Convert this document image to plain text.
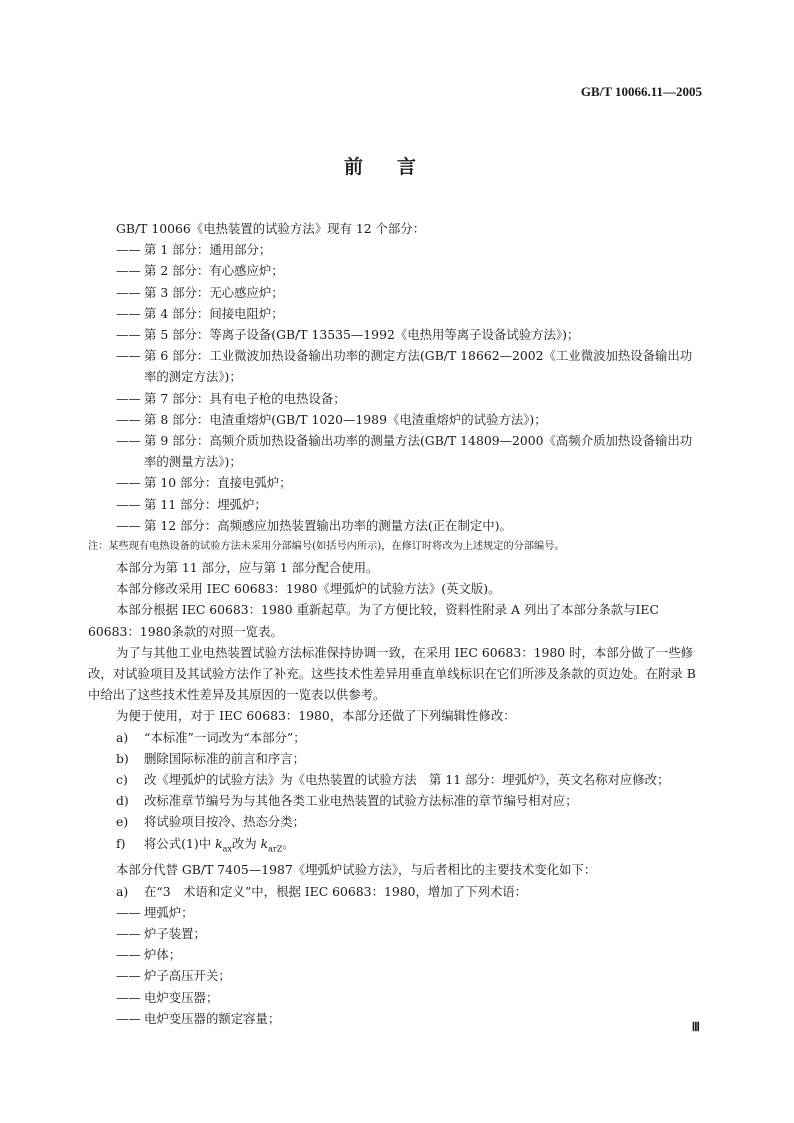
GB/T 10066.11—2005
前言

GB/T 10066《电热装置的试验方法》现有 12 个部分：

—— 第 1 部分：通用部分；
—— 第 2 部分：有心感应炉；
—— 第 3 部分：无心感应炉；
—— 第 4 部分：间接电阻炉；
—— 第 5 部分：等离子设备(GB/T 13535—1992《电热用等离子设备试验方法》)；
—— 第 6 部分：工业微波加热设备输出功率的测定方法(GB/T 18662—2002《工业微波加热设备输出功率的测定方法》)；
—— 第 7 部分：具有电子枪的电热设备；
—— 第 8 部分：电渣重熔炉(GB/T 1020—1989《电渣重熔炉的试验方法》)；
—— 第 9 部分：高频介质加热设备输出功率的测量方法(GB/T 14809—2000《高频介质加热设备输出功率的测量方法》)；
—— 第 10 部分：直接电弧炉；
—— 第 11 部分：埋弧炉；
—— 第 12 部分：高频感应加热装置输出功率的测量方法(正在制定中)。

注：某些现有电热设备的试验方法未采用分部编号(如括号内所示)，在修订时将改为上述规定的分部编号。

本部分为第 11 部分，应与第 1 部分配合使用。

本部分修改采用 IEC 60683：1980《埋弧炉的试验方法》(英文版)。

本部分根据 IEC 60683：1980 重新起草。为了方便比较，资料性附录 A 列出了本部分条款与IEC 60683：1980条款的对照一览表。

为了与其他工业电热装置试验方法标准保持协调一致，在采用 IEC 60683：1980 时，本部分做了一些修改，对试验项目及其试验方法作了补充。这些技术性差异用垂直单线标识在它们所涉及条款的页边处。在附录 B 中给出了这些技术性差异及其原因的一览表以供参考。

为便于使用，对于 IEC 60683：1980，本部分还做了下列编辑性修改：

a)	“本标准”一词改为“本部分”；
b)	删除国际标准的前言和序言；
c)	改《埋弧炉的试验方法》为《电热装置的试验方法　第 11 部分：埋弧炉》，英文名称对应修改；
d)	改标准章节编号为与其他各类工业电热装置的试验方法标准的章节编号相对应；
e)	将试验项目按冷、热态分类；
f)	将公式(1)中 $k_{ax}$改为 $k_{arZ}$。

本部分代替 GB/T 7405—1987《埋弧炉试验方法》，与后者相比的主要技术变化如下：

a)	在“3　术语和定义”中，根据 IEC 60683：1980，增加了下列术语：
—— 埋弧炉；
—— 炉子装置；
—— 炉体；
—— 炉子高压开关；
—— 电炉变压器；
—— 电炉变压器的额定容量；
Ⅲ
